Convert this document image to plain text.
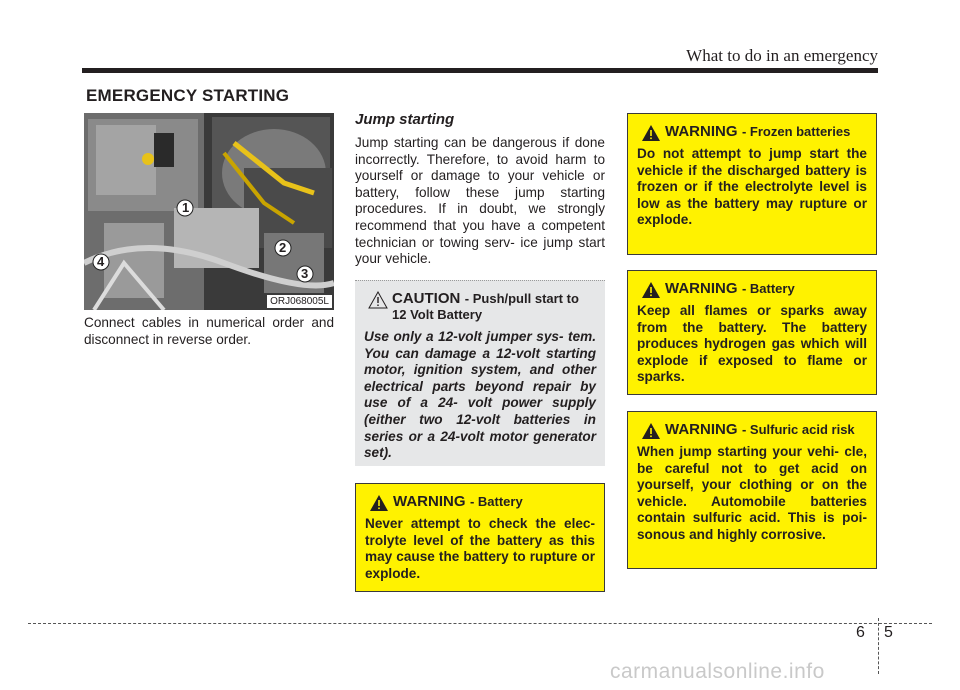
What to do in an emergency
EMERGENCY STARTING
1
2
3
4
ORJ068005L

Connect cables in numerical order and disconnect in reverse order.

Jump starting

Jump starting can be dangerous if done incorrectly. Therefore, to avoid harm to yourself or damage to your vehicle or battery, follow these jump starting procedures. If in doubt, we strongly recommend that you have a competent technician or towing serv- ice jump start your vehicle.

CAUTION - Push/pull start to 12 Volt Battery
Use only a 12-volt jumper sys- tem. You can damage a 12-volt starting motor, ignition system, and other electrical parts beyond repair by use of a 24- volt power supply (either two 12-volt batteries in series or a 24-volt motor generator set).
WARNING - Battery
Never attempt to check the elec- trolyte level of the battery as this may cause the battery to rupture or explode.
WARNING - Frozen batteries
Do not attempt to jump start the vehicle if the discharged battery is frozen or if the electrolyte level is low as the battery may rupture or explode.
WARNING - Battery
Keep all flames or sparks away from the battery. The battery produces hydrogen gas which will explode if exposed to flame or sparks.
WARNING - Sulfuric acid risk
When jump starting your vehi- cle, be careful not to get acid on yourself, your clothing or on the vehicle. Automobile batteries contain sulfuric acid. This is poi- sonous and highly corrosive.
6 5
carmanualsonline.info
